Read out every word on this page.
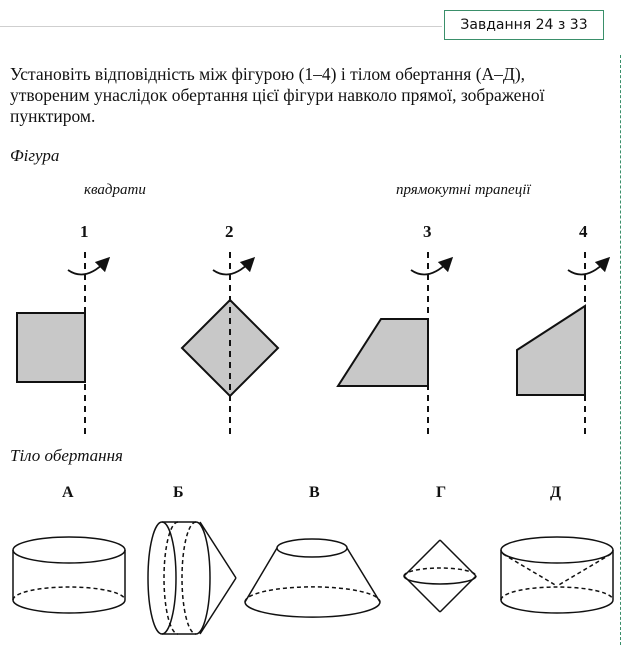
Завдання 24 з 33
Установіть відповідність між фігурою (1–4) і тілом обертання (А–Д),
утвореним унаслідок обертання цієї фігури навколо прямої, зображеної
пунктиром.
Фігура
квадрати	прямокутні трапеції
1	2	3	4
Тіло обертання
А	Б	В	Г	Д
